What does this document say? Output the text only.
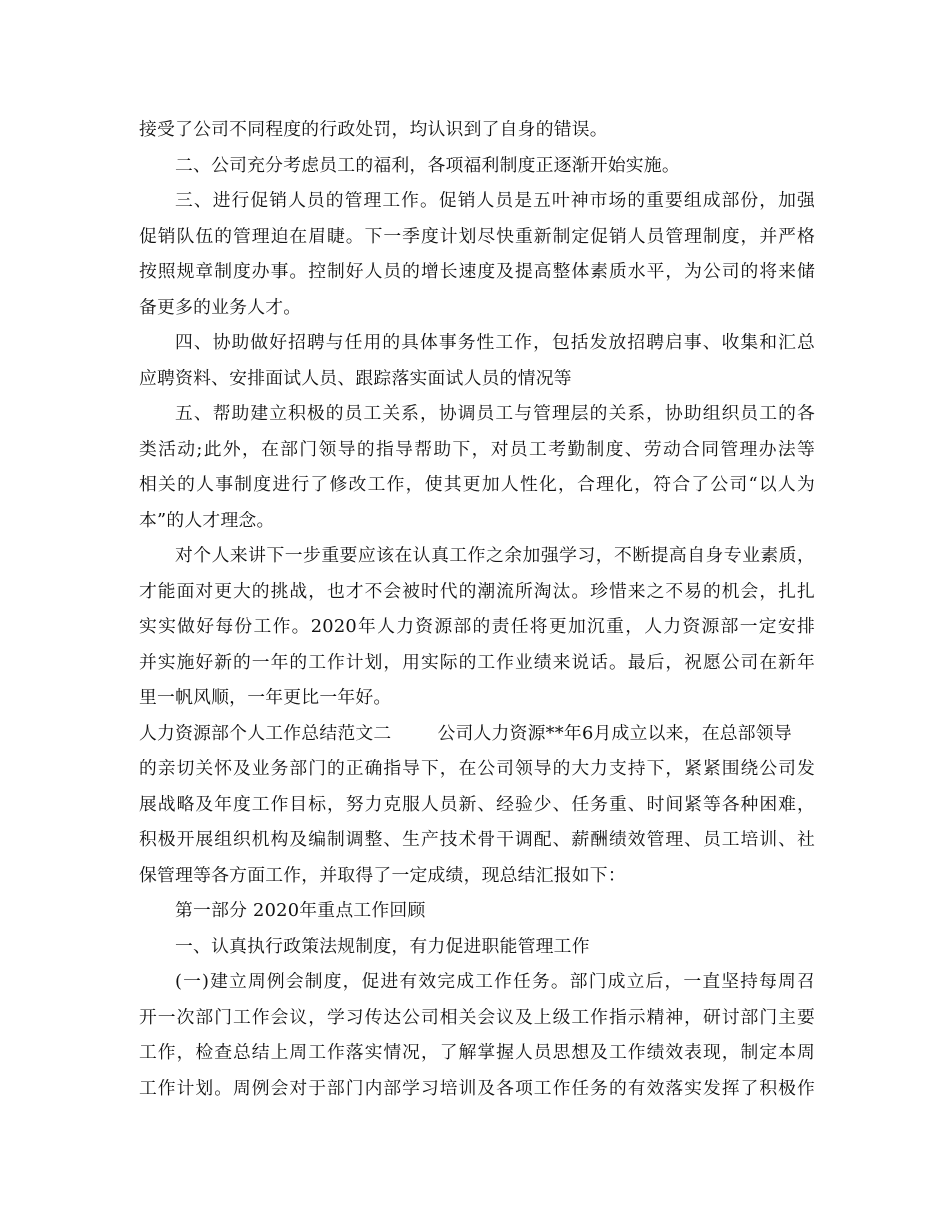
接受了公司不同程度的行政处罚，均认识到了自身的错误。
二、公司充分考虑员工的福利，各项福利制度正逐渐开始实施。
三、进行促销人员的管理工作。促销人员是五叶神市场的重要组成部份，加强
促销队伍的管理迫在眉睫。下一季度计划尽快重新制定促销人员管理制度，并严格
按照规章制度办事。控制好人员的增长速度及提高整体素质水平，为公司的将来储
备更多的业务人才。
四、协助做好招聘与任用的具体事务性工作，包括发放招聘启事、收集和汇总
应聘资料、安排面试人员、跟踪落实面试人员的情况等
五、帮助建立积极的员工关系，协调员工与管理层的关系，协助组织员工的各
类活动;此外，在部门领导的指导帮助下，对员工考勤制度、劳动合同管理办法等
相关的人事制度进行了修改工作，使其更加人性化，合理化，符合了公司“以人为
本”的人才理念。
对个人来讲下一步重要应该在认真工作之余加强学习，不断提高自身专业素质，
才能面对更大的挑战，也才不会被时代的潮流所淘汰。珍惜来之不易的机会，扎扎
实实做好每份工作。2020年人力资源部的责任将更加沉重，人力资源部一定安排
并实施好新的一年的工作计划，用实际的工作业绩来说话。最后，祝愿公司在新年
里一帆风顺，一年更比一年好。
人力资源部个人工作总结范文二	公司人力资源**年6月成立以来，在总部领导
的亲切关怀及业务部门的正确指导下，在公司领导的大力支持下，紧紧围绕公司发
展战略及年度工作目标，努力克服人员新、经验少、任务重、时间紧等各种困难，
积极开展组织机构及编制调整、生产技术骨干调配、薪酬绩效管理、员工培训、社
保管理等各方面工作，并取得了一定成绩，现总结汇报如下：
第一部分 2020年重点工作回顾
一、认真执行政策法规制度，有力促进职能管理工作
(一)建立周例会制度，促进有效完成工作任务。部门成立后，一直坚持每周召
开一次部门工作会议，学习传达公司相关会议及上级工作指示精神，研讨部门主要
工作，检查总结上周工作落实情况，了解掌握人员思想及工作绩效表现，制定本周
工作计划。周例会对于部门内部学习培训及各项工作任务的有效落实发挥了积极作
